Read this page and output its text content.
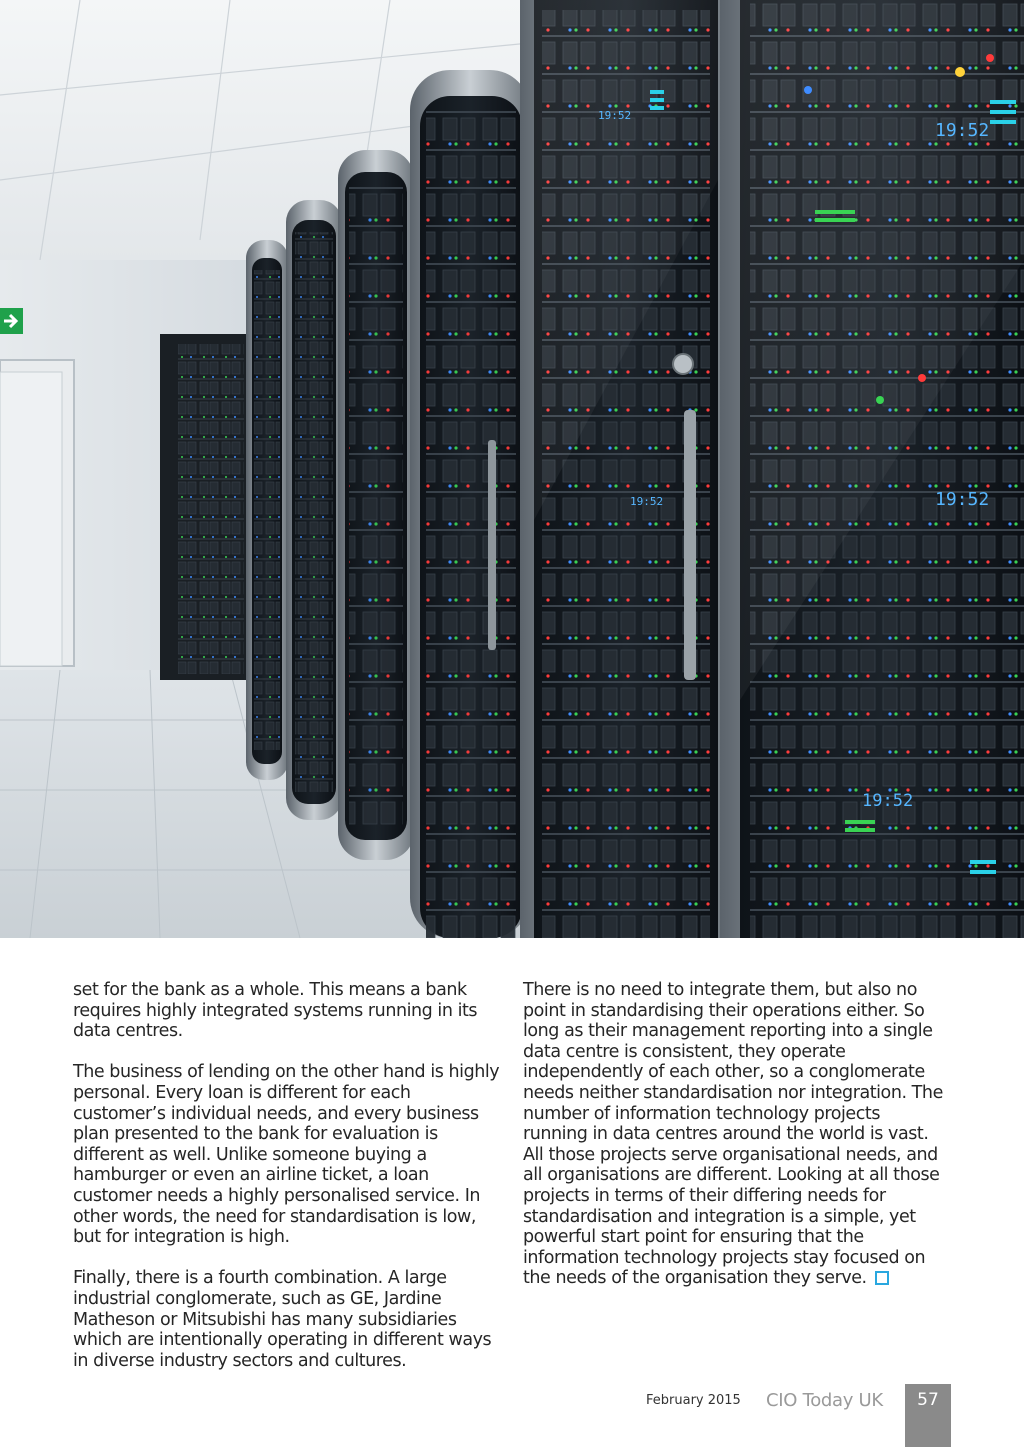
19:52
19:52
19:52
19:52
19:52

set for the bank as a whole. This means a bank requires highly integrated systems running in its data centres.

The business of lending on the other hand is highly personal. Every loan is different for each customer’s individual needs, and every business plan presented to the bank for evaluation is different as well. Unlike someone buying a hamburger or even an airline ticket, a loan customer needs a highly personalised service. In other words, the need for standardisation is low, but for integration is high.

Finally, there is a fourth combination. A large industrial conglomerate, such as GE, Jardine Matheson or Mitsubishi has many subsidiaries which are intentionally operating in different ways in diverse industry sectors and cultures.

There is no need to integrate them, but also no point in standardising their operations either. So long as their management reporting into a single data centre is consistent, they operate independently of each other, so a conglomerate needs neither standardisation nor integration. The number of information technology projects running in data centres around the world is vast. All those projects serve organisational needs, and all organisations are different. Looking at all those projects in terms of their differing needs for standardisation and integration is a simple, yet powerful start point for ensuring that the information technology projects stay focused on the needs of the organisation they serve.

February 2015 CIO Today UK	57
